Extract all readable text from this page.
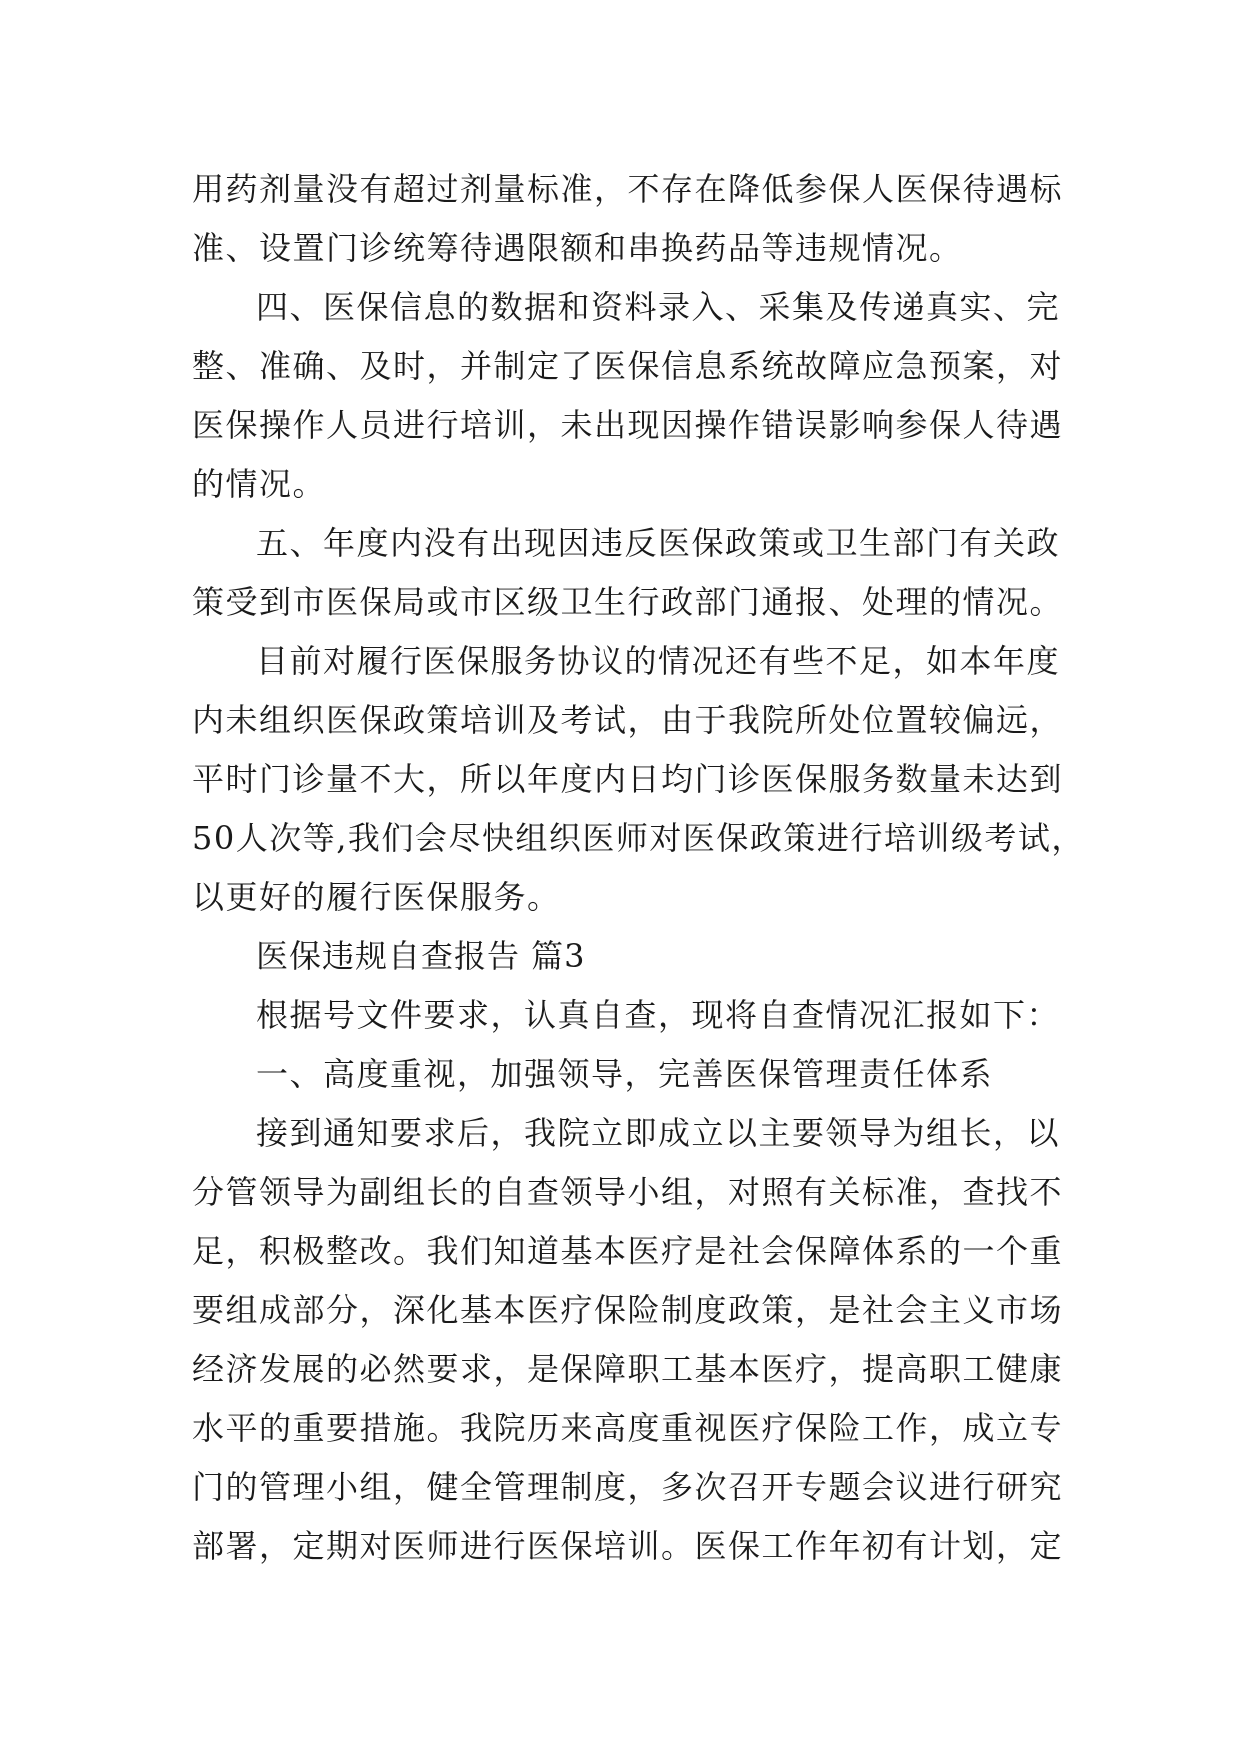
用药剂量没有超过剂量标准，不存在降低参保人医保待遇标
准、设置门诊统筹待遇限额和串换药品等违规情况。
四、医保信息的数据和资料录入、采集及传递真实、完
整、准确、及时，并制定了医保信息系统故障应急预案，对
医保操作人员进行培训，未出现因操作错误影响参保人待遇
的情况。
五、年度内没有出现因违反医保政策或卫生部门有关政
策受到市医保局或市区级卫生行政部门通报、处理的情况。
目前对履行医保服务协议的情况还有些不足，如本年度
内未组织医保政策培训及考试，由于我院所处位置较偏远，
平时门诊量不大，所以年度内日均门诊医保服务数量未达到
50人次等,我们会尽快组织医师对医保政策进行培训级考试，
以更好的履行医保服务。
医保违规自查报告 篇3
根据号文件要求，认真自查，现将自查情况汇报如下：
一、高度重视，加强领导，完善医保管理责任体系
接到通知要求后，我院立即成立以主要领导为组长，以
分管领导为副组长的自查领导小组，对照有关标准，查找不
足，积极整改。我们知道基本医疗是社会保障体系的一个重
要组成部分，深化基本医疗保险制度政策，是社会主义市场
经济发展的必然要求，是保障职工基本医疗，提高职工健康
水平的重要措施。我院历来高度重视医疗保险工作，成立专
门的管理小组，健全管理制度，多次召开专题会议进行研究
部署，定期对医师进行医保培训。医保工作年初有计划，定
